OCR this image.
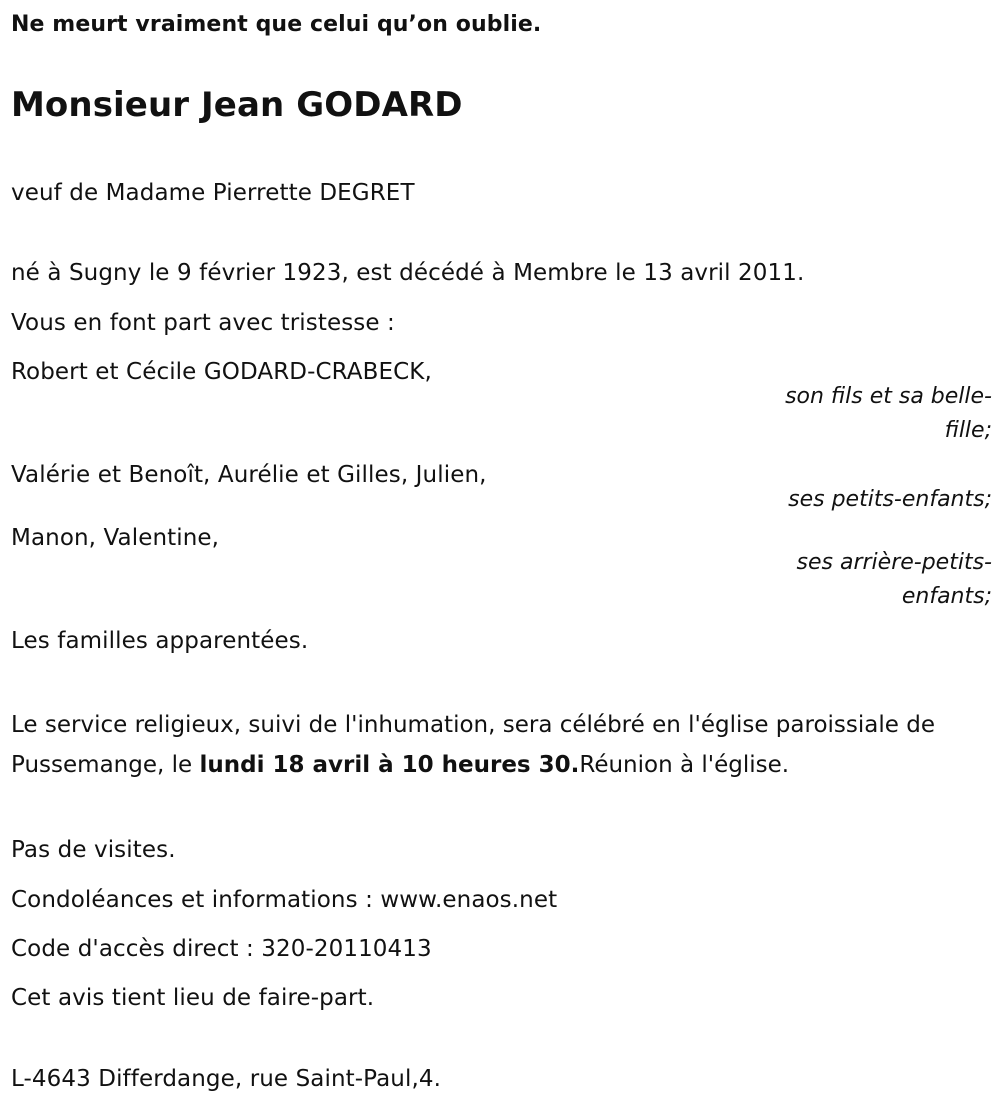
Ne meurt vraiment que celui qu’on oublie.
Monsieur Jean GODARD
veuf de Madame Pierrette DEGRET
né à Sugny le 9 février 1923, est décédé à Membre le 13 avril 2011.
Vous en font part avec tristesse :
Robert et Cécile GODARD-CRABECK,
son fils et sa belle-
fille;
Valérie et Benoît, Aurélie et Gilles, Julien,
ses petits-enfants;
Manon, Valentine,
ses arrière-petits-
enfants;
Les familles apparentées.
Le service religieux, suivi de l'inhumation, sera célébré en l'église paroissiale de Pussemange, le lundi 18 avril à 10 heures 30.Réunion à l'église.
Pas de visites.
Condoléances et informations : www.enaos.net
Code d'accès direct : 320-20110413
Cet avis tient lieu de faire-part.
L-4643 Differdange, rue Saint-Paul,4.
